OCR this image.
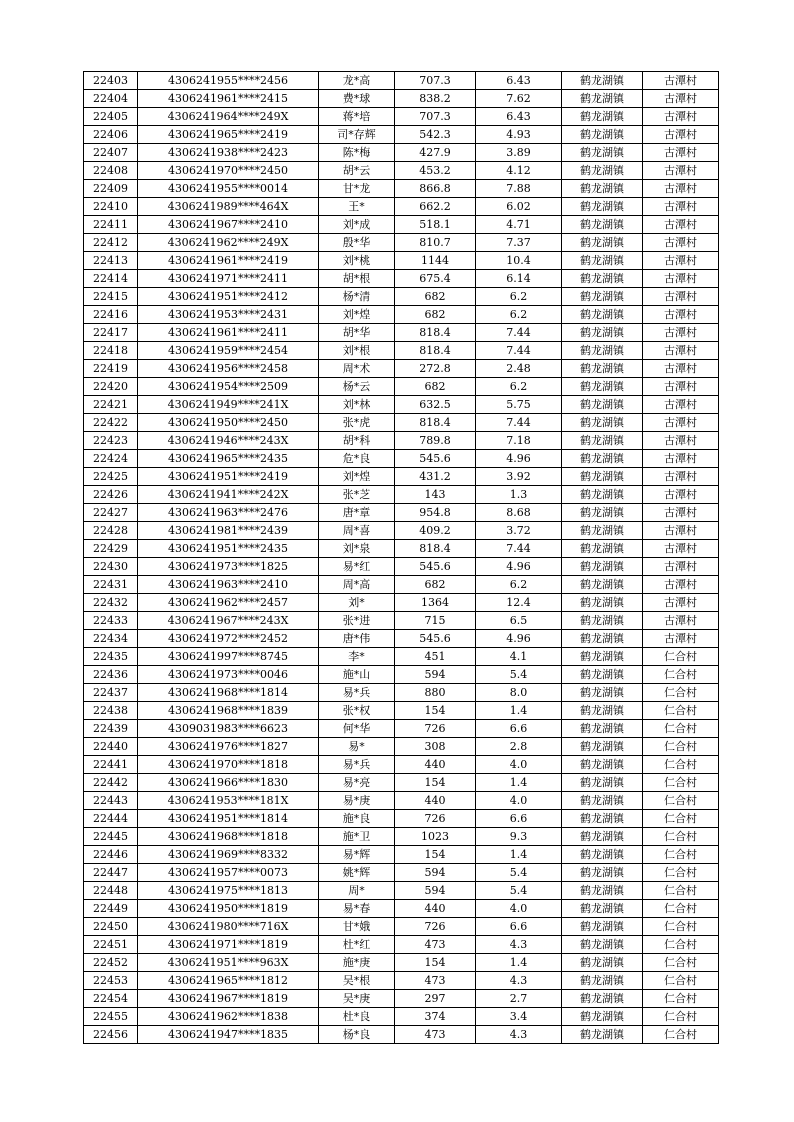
22403	4306241955****2456	龙*高	707.3	6.43	鹤龙湖镇	古潭村
22404	4306241961****2415	费*球	838.2	7.62	鹤龙湖镇	古潭村
22405	4306241964****249X	蒋*培	707.3	6.43	鹤龙湖镇	古潭村
22406	4306241965****2419	司*存辉	542.3	4.93	鹤龙湖镇	古潭村
22407	4306241938****2423	陈*梅	427.9	3.89	鹤龙湖镇	古潭村
22408	4306241970****2450	胡*云	453.2	4.12	鹤龙湖镇	古潭村
22409	4306241955****0014	甘*龙	866.8	7.88	鹤龙湖镇	古潭村
22410	4306241989****464X	王*	662.2	6.02	鹤龙湖镇	古潭村
22411	4306241967****2410	刘*成	518.1	4.71	鹤龙湖镇	古潭村
22412	4306241962****249X	殷*华	810.7	7.37	鹤龙湖镇	古潭村
22413	4306241961****2419	刘*桃	1144	10.4	鹤龙湖镇	古潭村
22414	4306241971****2411	胡*根	675.4	6.14	鹤龙湖镇	古潭村
22415	4306241951****2412	杨*清	682	6.2	鹤龙湖镇	古潭村
22416	4306241953****2431	刘*煌	682	6.2	鹤龙湖镇	古潭村
22417	4306241961****2411	胡*华	818.4	7.44	鹤龙湖镇	古潭村
22418	4306241959****2454	刘*根	818.4	7.44	鹤龙湖镇	古潭村
22419	4306241956****2458	周*术	272.8	2.48	鹤龙湖镇	古潭村
22420	4306241954****2509	杨*云	682	6.2	鹤龙湖镇	古潭村
22421	4306241949****241X	刘*林	632.5	5.75	鹤龙湖镇	古潭村
22422	4306241950****2450	张*虎	818.4	7.44	鹤龙湖镇	古潭村
22423	4306241946****243X	胡*科	789.8	7.18	鹤龙湖镇	古潭村
22424	4306241965****2435	危*良	545.6	4.96	鹤龙湖镇	古潭村
22425	4306241951****2419	刘*煌	431.2	3.92	鹤龙湖镇	古潭村
22426	4306241941****242X	张*芝	143	1.3	鹤龙湖镇	古潭村
22427	4306241963****2476	唐*章	954.8	8.68	鹤龙湖镇	古潭村
22428	4306241981****2439	周*喜	409.2	3.72	鹤龙湖镇	古潭村
22429	4306241951****2435	刘*泉	818.4	7.44	鹤龙湖镇	古潭村
22430	4306241973****1825	易*红	545.6	4.96	鹤龙湖镇	古潭村
22431	4306241963****2410	周*高	682	6.2	鹤龙湖镇	古潭村
22432	4306241962****2457	刘*	1364	12.4	鹤龙湖镇	古潭村
22433	4306241967****243X	张*进	715	6.5	鹤龙湖镇	古潭村
22434	4306241972****2452	唐*伟	545.6	4.96	鹤龙湖镇	古潭村
22435	4306241997****8745	李*	451	4.1	鹤龙湖镇	仁合村
22436	4306241973****0046	施*山	594	5.4	鹤龙湖镇	仁合村
22437	4306241968****1814	易*兵	880	8.0	鹤龙湖镇	仁合村
22438	4306241968****1839	张*权	154	1.4	鹤龙湖镇	仁合村
22439	4309031983****6623	何*华	726	6.6	鹤龙湖镇	仁合村
22440	4306241976****1827	易*	308	2.8	鹤龙湖镇	仁合村
22441	4306241970****1818	易*兵	440	4.0	鹤龙湖镇	仁合村
22442	4306241966****1830	易*亮	154	1.4	鹤龙湖镇	仁合村
22443	4306241953****181X	易*庚	440	4.0	鹤龙湖镇	仁合村
22444	4306241951****1814	施*良	726	6.6	鹤龙湖镇	仁合村
22445	4306241968****1818	施*卫	1023	9.3	鹤龙湖镇	仁合村
22446	4306241969****8332	易*辉	154	1.4	鹤龙湖镇	仁合村
22447	4306241957****0073	姚*辉	594	5.4	鹤龙湖镇	仁合村
22448	4306241975****1813	周*	594	5.4	鹤龙湖镇	仁合村
22449	4306241950****1819	易*春	440	4.0	鹤龙湖镇	仁合村
22450	4306241980****716X	甘*娥	726	6.6	鹤龙湖镇	仁合村
22451	4306241971****1819	杜*红	473	4.3	鹤龙湖镇	仁合村
22452	4306241951****963X	施*庚	154	1.4	鹤龙湖镇	仁合村
22453	4306241965****1812	吴*根	473	4.3	鹤龙湖镇	仁合村
22454	4306241967****1819	吴*庚	297	2.7	鹤龙湖镇	仁合村
22455	4306241962****1838	杜*良	374	3.4	鹤龙湖镇	仁合村
22456	4306241947****1835	杨*良	473	4.3	鹤龙湖镇	仁合村
